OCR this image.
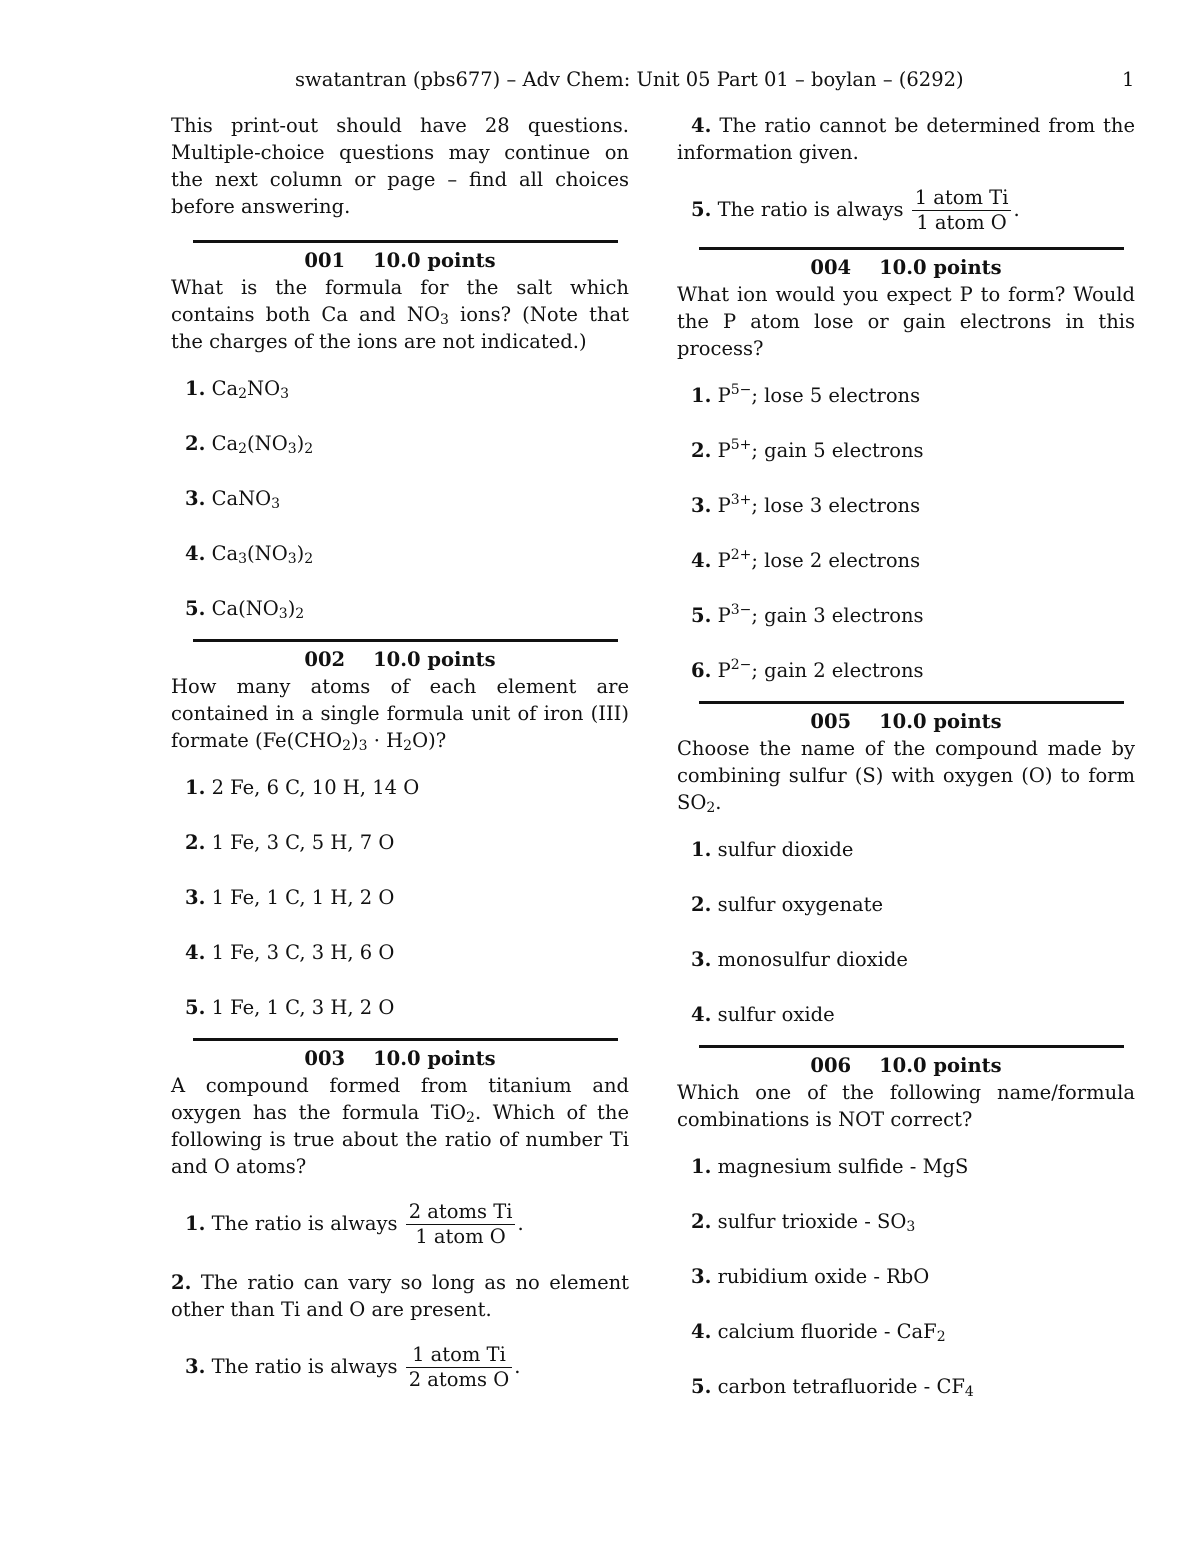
swatantran (pbs677) – Adv Chem: Unit 05 Part 01 – boylan – (6292)	1

This print-out should have 28 questions. Multiple-choice questions may continue on the next column or page – find all choices before answering.

001 10.0 points

What is the formula for the salt which contains both Ca and $NO_3$ ions? (Note that the charges of the ions are not indicated.)

1. $Ca_2NO_3$
2. $Ca_2(NO_3)_2$
3. CaNO$_3$
4. $Ca_3(NO_3)_2$
5. $Ca(NO_3)_2$
002 10.0 points

How many atoms of each element are contained in a single formula unit of iron (III) formate $(Fe(CHO_2)_3 \cdot H_2O)$?

1. 2 Fe, 6 C, 10 H, 14 O
2. 1 Fe, 3 C, 5 H, 7 O
3. 1 Fe, 1 C, 1 H, 2 O
4. 1 Fe, 3 C, 3 H, 6 O
5. 1 Fe, 1 C, 3 H, 2 O
003 10.0 points

A compound formed from titanium and oxygen has the formula TiO$_2$. Which of the following is true about the ratio of number Ti and O atoms?

1. The ratio is always $\frac{\text{2 atoms Ti}}{\text{1 atom O}}$ .
2. The ratio can vary so long as no element other than Ti and O are present.
3. The ratio is always $\frac{\text{1 atom Ti}}{\text{2 atoms O}}$ .
4. The ratio cannot be determined from the information given.
5. The ratio is always $\frac{\text{1 atom Ti}}{\text{1 atom O}}$ .
004 10.0 points

What ion would you expect P to form? Would the P atom lose or gain electrons in this process?

1. $P^{5-}$; lose 5 electrons
2. $P^{5+}$; gain 5 electrons
3. $P^{3+}$; lose 3 electrons
4. $P^{2+}$; lose 2 electrons
5. $P^{3-}$; gain 3 electrons
6. $P^{2-}$; gain 2 electrons
005 10.0 points

Choose the name of the compound made by combining sulfur (S) with oxygen (O) to form $SO_2$.

1. sulfur dioxide
2. sulfur oxygenate
3. monosulfur dioxide
4. sulfur oxide
006 10.0 points

Which one of the following name/formula combinations is NOT correct?

1. magnesium sulfide - MgS
2. sulfur trioxide - $SO_3$
3. rubidium oxide - RbO
4. calcium fluoride - CaF$_2$
5. carbon tetrafluoride - $CF_4$
